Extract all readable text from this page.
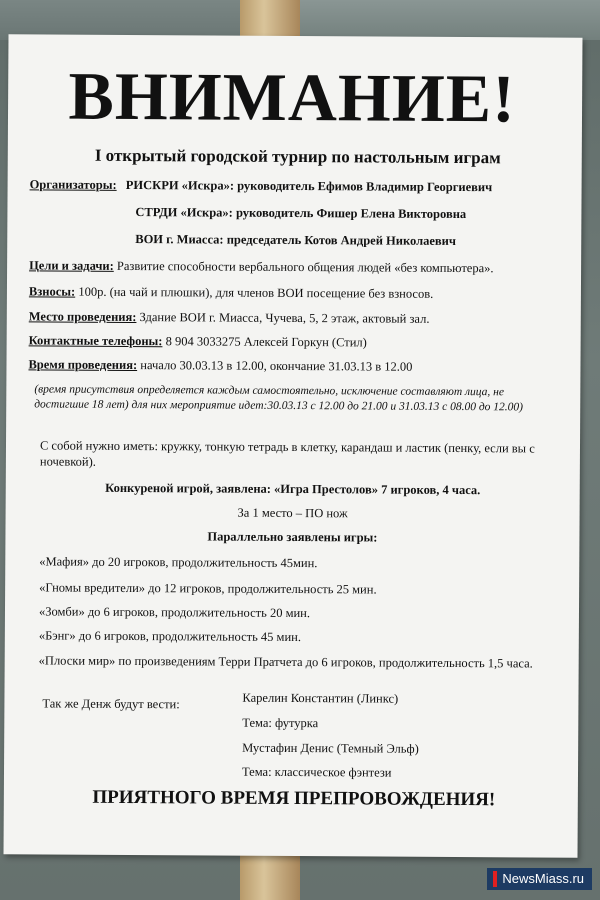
ВНИМАНИЕ!
I открытый городской турнир по настольным играм
Организаторы: РИСКРИ «Искра»: руководитель Ефимов Владимир Георгиевич
СТРДИ «Искра»: руководитель Фишер Елена Викторовна
ВОИ г. Миасса: председатель Котов Андрей Николаевич
Цели и задачи: Развитие способности вербального общения людей «без компьютера».
Взносы: 100р. (на чай и плюшки), для членов ВОИ посещение без взносов.
Место проведения: Здание ВОИ г. Миасса, Чучева, 5, 2 этаж, актовый зал.
Контактные телефоны: 8 904 3033275 Алексей Горкун (Стил)
Время проведения: начало 30.03.13 в 12.00, окончание 31.03.13 в 12.00
(время присутствия определяется каждым самостоятельно, исключение составляют лица, не достигшие 18 лет) для них мероприятие идет:30.03.13 с 12.00 до 21.00 и 31.03.13 с 08.00 до 12.00)
С собой нужно иметь: кружку, тонкую тетрадь в клетку, карандаш и ластик (пенку, если вы с ночевкой).
Конкуреной игрой, заявлена: «Игра Престолов» 7 игроков, 4 часа.
За 1 место – ПО нож
Параллельно заявлены игры:
«Мафия» до 20 игроков, продолжительность 45мин.
«Гномы вредители» до 12 игроков, продолжительность 25 мин.
«Зомби» до 6 игроков, продолжительность 20 мин.
«Бэнг» до 6 игроков, продолжительность 45 мин.
«Плоски мир» по произведениям Терри Пратчета до 6 игроков, продолжительность 1,5 часа.
Так же Денж будут вести:	Карелин Константин (Линкс)
Тема: футурка
Мустафин Денис (Темный Эльф)
Тема: классическое фэнтези
ПРИЯТНОГО ВРЕМЯ ПРЕПРОВОЖДЕНИЯ!
NewsMiass.ru
